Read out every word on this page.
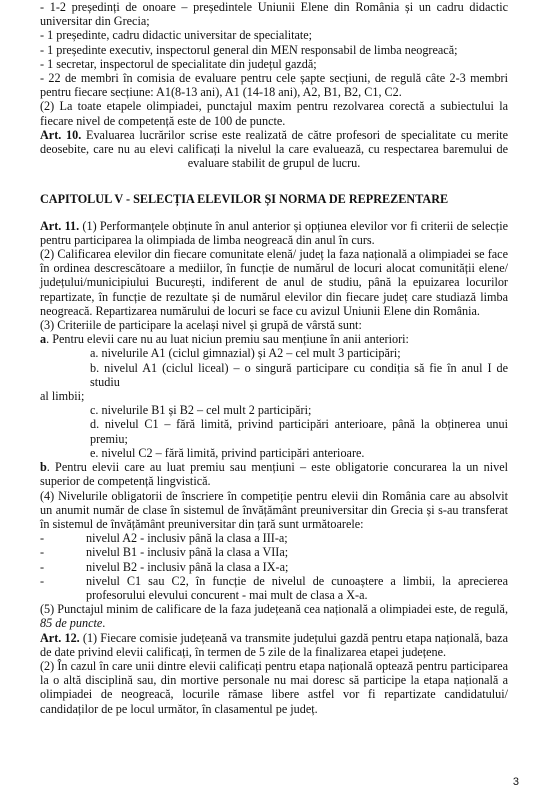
- 1-2 președinți de onoare – președintele Uniunii Elene din România și un cadru didactic universitar din Grecia;

- 1 președinte, cadru didactic universitar de specialitate;

- 1 președinte executiv, inspectorul general din MEN responsabil de limba neogreacă;

- 1 secretar, inspectorul de specialitate din județul gazdă;

- 22 de membri în comisia de evaluare pentru cele șapte secțiuni, de regulă câte 2-3 membri pentru fiecare secțiune: A1(8-13 ani), A1 (14-18 ani), A2, B1, B2, C1, C2.

(2) La toate etapele olimpiadei, punctajul maxim pentru rezolvarea corectă a subiectului la fiecare nivel de competență este de 100 de puncte.

Art. 10. Evaluarea lucrărilor scrise este realizată de către profesori de specialitate cu merite
deosebite, care nu au elevi calificați la nivelul la care evaluează, cu respectarea baremului de
evaluare stabilit de grupul de lucru.

CAPITOLUL V - SELECȚIA ELEVILOR ȘI NORMA DE REPREZENTARE

Art. 11. (1) Performanțele obținute în anul anterior și opțiunea elevilor vor fi criterii de selecție pentru participarea la olimpiada de limba neogreacă din anul în curs.

(2) Calificarea elevilor din fiecare comunitate elenă/ județ la faza națională a olimpiadei se face în ordinea descrescătoare a mediilor, în funcție de numărul de locuri alocat comunității elene/ județului/municipiului București, indiferent de anul de studiu, până la epuizarea locurilor repartizate, în funcție de rezultate și de numărul elevilor din fiecare județ care studiază limba neogreacă. Repartizarea numărului de locuri se face cu avizul Uniunii Elene din România.

(3) Criteriile de participare la același nivel și grupă de vârstă sunt:

a. Pentru elevii care nu au luat niciun premiu sau mențiune în anii anteriori:

a. nivelurile A1 (ciclul gimnazial) și A2 – cel mult 3 participări;

b. nivelul A1 (ciclul liceal) – o singură participare cu condiția să fie în anul I de studiu

al limbii;

c. nivelurile B1 și B2 – cel mult 2 participări;

d. nivelul C1 – fără limită, privind participări anterioare, până la obținerea unui premiu;

e. nivelul C2 – fără limită, privind participări anterioare.

b. Pentru elevii care au luat premiu sau mențiuni – este obligatorie concurarea la un nivel superior de competență lingvistică.

(4) Nivelurile obligatorii de înscriere în competiție pentru elevii din România care au absolvit un anumit număr de clase în sistemul de învățământ preuniversitar din Grecia și s-au transferat în sistemul de învățământ preuniversitar din țară sunt următoarele:

-	nivelul A2 - inclusiv până la clasa a III-a;
-	nivelul B1 - inclusiv până la clasa a VIIa;
-	nivelul B2 - inclusiv până la clasa a IX-a;
-	nivelul C1 sau C2, în funcție de nivelul de cunoaștere a limbii, la aprecierea profesorului elevului concurent - mai mult de clasa a X-a.

(5) Punctajul minim de calificare de la faza județeană cea națională a olimpiadei este, de regulă, 85 de puncte.

Art. 12. (1) Fiecare comisie județeană va transmite județului gazdă pentru etapa națională, baza de date privind elevii calificați, în termen de 5 zile de la finalizarea etapei județene.

(2) În cazul în care unii dintre elevii calificați pentru etapa națională optează pentru participarea la o altă disciplină sau, din mortive personale nu mai doresc să participe la etapa națională a olimpiadei de neogreacă, locurile rămase libere astfel vor fi repartizate candidatului/ candidaților de pe locul următor, în clasamentul pe județ.

3
